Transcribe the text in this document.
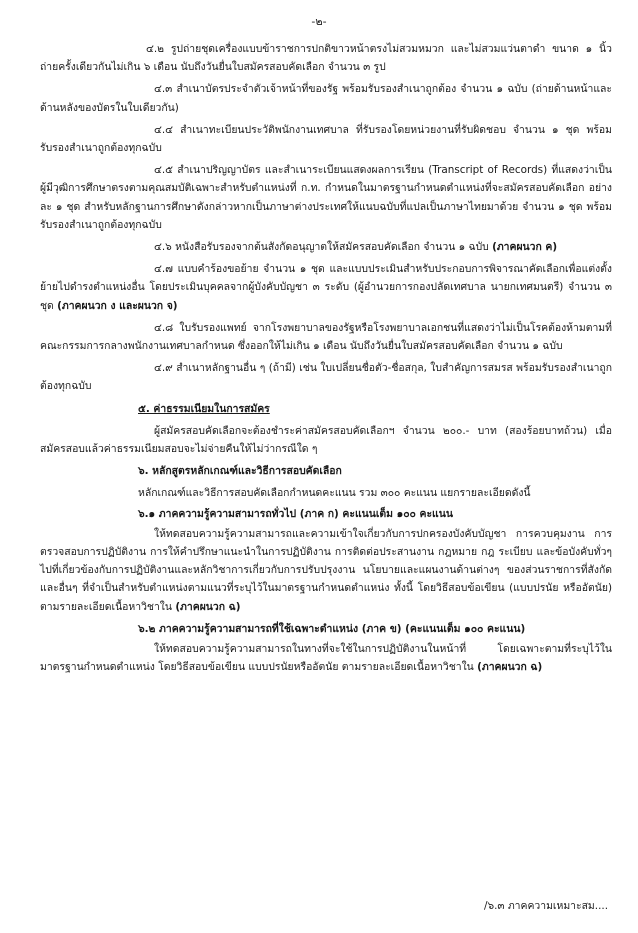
-๒-

๔.๒ รูปถ่ายชุดเครื่องแบบข้าราชการปกติขาวหน้าตรงไม่สวมหมวก และไม่สวมแว่นตาดำ ขนาด ๑ นิ้ว ถ่ายครั้งเดียวกันไม่เกิน ๖ เดือน นับถึงวันยื่นใบสมัครสอบคัดเลือก จำนวน ๓ รูป

๔.๓ สำเนาบัตรประจำตัวเจ้าหน้าที่ของรัฐ พร้อมรับรองสำเนาถูกต้อง จำนวน ๑ ฉบับ (ถ่ายด้านหน้าและด้านหลังของบัตรในใบเดียวกัน)

๔.๔ สำเนาทะเบียนประวัติพนักงานเทศบาล ที่รับรองโดยหน่วยงานที่รับผิดชอบ จำนวน ๑ ชุด พร้อมรับรองสำเนาถูกต้องทุกฉบับ

๔.๕ สำเนาปริญญาบัตร และสำเนาระเบียนแสดงผลการเรียน (Transcript of Records) ที่แสดงว่าเป็นผู้มีวุฒิการศึกษาตรงตามคุณสมบัติเฉพาะสำหรับตำแหน่งที่ ก.ท. กำหนดในมาตรฐานกำหนดตำแหน่งที่จะสมัครสอบคัดเลือก อย่างละ ๑ ชุด สำหรับหลักฐานการศึกษาดังกล่าวหากเป็นภาษาต่างประเทศให้แนบฉบับที่แปลเป็นภาษาไทยมาด้วย จำนวน ๑ ชุด พร้อมรับรองสำเนาถูกต้องทุกฉบับ

๔.๖ หนังสือรับรองจากต้นสังกัดอนุญาตให้สมัครสอบคัดเลือก จำนวน ๑ ฉบับ (ภาคผนวก ค)

๔.๗ แบบคำร้องขอย้าย จำนวน ๑ ชุด และแบบประเมินสำหรับประกอบการพิจารณาคัดเลือกเพื่อแต่งตั้งย้ายไปดำรงตำแหน่งอื่น โดยประเมินบุคคลจากผู้บังคับบัญชา ๓ ระดับ (ผู้อำนวยการกองปลัดเทศบาล นายกเทศมนตรี) จำนวน ๓ ชุด (ภาคผนวก ง และผนวก จ)

๔.๘ ใบรับรองแพทย์ จากโรงพยาบาลของรัฐหรือโรงพยาบาลเอกชนที่แสดงว่าไม่เป็นโรคต้องห้ามตามที่คณะกรรมการกลางพนักงานเทศบาลกำหนด ซึ่งออกให้ไม่เกิน ๑ เดือน นับถึงวันยื่นใบสมัครสอบคัดเลือก จำนวน ๑ ฉบับ

๔.๙ สำเนาหลักฐานอื่น ๆ (ถ้ามี) เช่น ใบเปลี่ยนชื่อตัว-ชื่อสกุล, ใบสำคัญการสมรส พร้อมรับรองสำเนาถูกต้องทุกฉบับ

๕. ค่าธรรมเนียมในการสมัคร

ผู้สมัครสอบคัดเลือกจะต้องชำระค่าสมัครสอบคัดเลือกฯ จำนวน ๒๐๐.- บาท (สองร้อยบาทถ้วน) เมื่อสมัครสอบแล้วค่าธรรมเนียมสอบจะไม่จ่ายคืนให้ไม่ว่ากรณีใด ๆ

๖. หลักสูตรหลักเกณฑ์และวิธีการสอบคัดเลือก

หลักเกณฑ์และวิธีการสอบคัดเลือกกำหนดคะแนน รวม ๓๐๐ คะแนน แยกรายละเอียดดังนี้

๖.๑ ภาคความรู้ความสามารถทั่วไป (ภาค ก) คะแนนเต็ม ๑๐๐ คะแนน

ให้ทดสอบความรู้ความสามารถและความเข้าใจเกี่ยวกับการปกครองบังคับบัญชา การควบคุมงาน การตรวจสอบการปฏิบัติงาน การให้คำปรึกษาแนะนำในการปฏิบัติงาน การติดต่อประสานงาน กฎหมาย กฎ ระเบียบ และข้อบังคับทั่วๆไปที่เกี่ยวข้องกับการปฏิบัติงานและหลักวิชาการเกี่ยวกับการปรับปรุงงาน นโยบายและแผนงานด้านต่างๆ ของส่วนราชการที่สังกัดและอื่นๆ ที่จำเป็นสำหรับตำแหน่งตามแนวที่ระบุไว้ในมาตรฐานกำหนดตำแหน่ง ทั้งนี้ โดยวิธีสอบข้อเขียน (แบบปรนัย หรืออัตนัย) ตามรายละเอียดเนื้อหาวิชาใน (ภาคผนวก ฉ)

๖.๒ ภาคความรู้ความสามารถที่ใช้เฉพาะตำแหน่ง (ภาค ข) (คะแนนเต็ม ๑๐๐ คะแนน)

ให้ทดสอบความรู้ความสามารถในทางที่จะใช้ในการปฏิบัติงานในหน้าที่ โดยเฉพาะตามที่ระบุไว้ในมาตรฐานกำหนดตำแหน่ง โดยวิธีสอบข้อเขียน แบบปรนัยหรืออัตนัย ตามรายละเอียดเนื้อหาวิชาใน (ภาคผนวก ฉ)

/๖.๓ ภาคความเหมาะสม....
